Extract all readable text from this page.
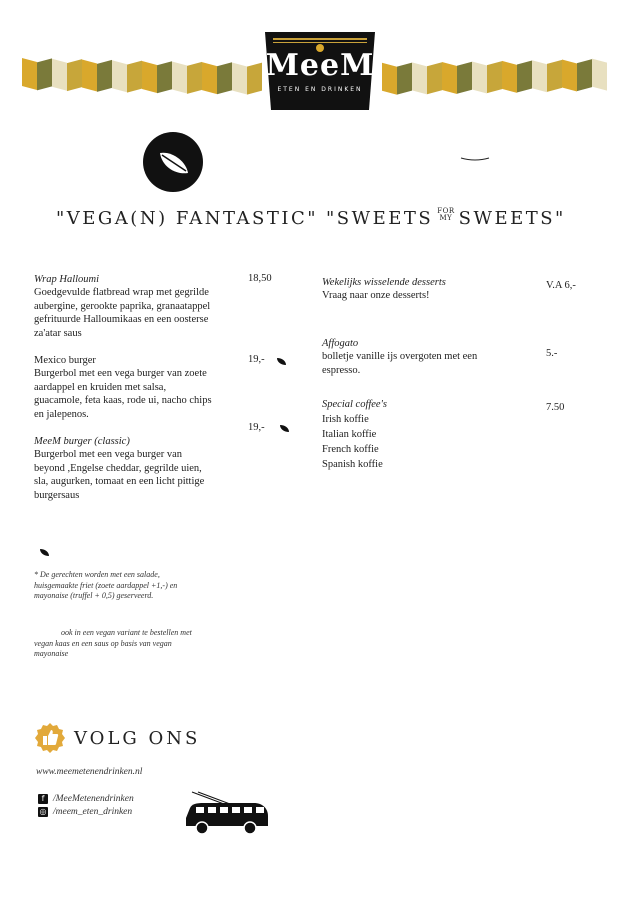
MeeM
ETEN EN DRINKEN
"VEGA(N) FANTASTIC" "SWEETS FOR
MY SWEETS"
Wrap Halloumi
Goedgevulde flatbread wrap met gegrilde
aubergine, gerookte paprika, granaatappel
gefrituurde Halloumikaas en een oosterse
za'atar saus
18,50
Mexico burger
Burgerbol met een vega burger van zoete
aardappel en kruiden met salsa,
guacamole, feta kaas, rode ui, nacho chips
en jalepenos.
19,-
MeeM burger (classic)
Burgerbol met een vega burger van
beyond ,Engelse cheddar, gegrilde uien,
sla, augurken, tomaat en een licht pittige
burgersaus
19,-
* De gerechten worden met een salade,
huisgemaakte friet (zoete aardappel +1,-) en
mayonaise (truffel + 0,5) geserveerd.
ook in een vegan variant te bestellen met
vegan kaas en een saus op basis van vegan
mayonaise
Wekelijks wisselende desserts
Vraag naar onze desserts!
V.A 6,-
Affogato
bolletje vanille ijs overgoten met een
espresso.
5.-
Special coffee's
Irish koffie
Italian koffie
French koffie
Spanish koffie
7.50
VOLG ONS
www.meemetenendrinken.nl
f /MeeMetenendrinken
◎ /meem_eten_drinken
